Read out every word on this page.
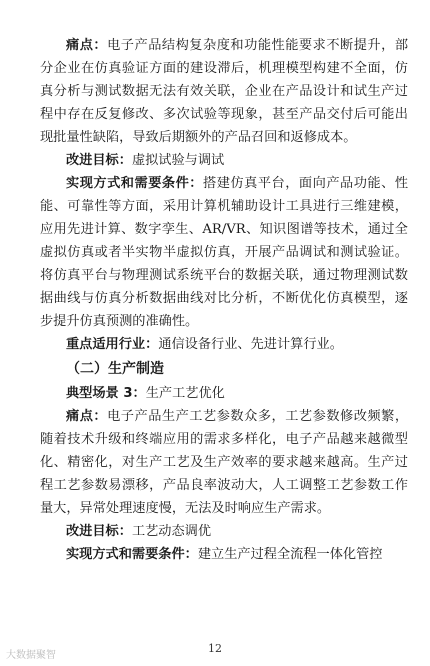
痛点：电子产品结构复杂度和功能性能要求不断提升，部分企业在仿真验证方面的建设滞后，机理模型构建不全面，仿真分析与测试数据无法有效关联，企业在产品设计和试生产过程中存在反复修改、多次试验等现象，甚至产品交付后可能出现批量性缺陷，导致后期额外的产品召回和返修成本。

改进目标：虚拟试验与调试

实现方式和需要条件：搭建仿真平台，面向产品功能、性能、可靠性等方面，采用计算机辅助设计工具进行三维建模，应用先进计算、数字孪生、AR/VR、知识图谱等技术，通过全虚拟仿真或者半实物半虚拟仿真，开展产品调试和测试验证。将仿真平台与物理测试系统平台的数据关联，通过物理测试数据曲线与仿真分析数据曲线对比分析，不断优化仿真模型，逐步提升仿真预测的准确性。

重点适用行业：通信设备行业、先进计算行业。

（二）生产制造

典型场景 3：生产工艺优化

痛点：电子产品生产工艺参数众多，工艺参数修改频繁，随着技术升级和终端应用的需求多样化，电子产品越来越微型化、精密化，对生产工艺及生产效率的要求越来越高。生产过程工艺参数易漂移，产品良率波动大，人工调整工艺参数工作量大，异常处理速度慢，无法及时响应生产需求。

改进目标：工艺动态调优

实现方式和需要条件：建立生产过程全流程一体化管控

12
大数据聚智
